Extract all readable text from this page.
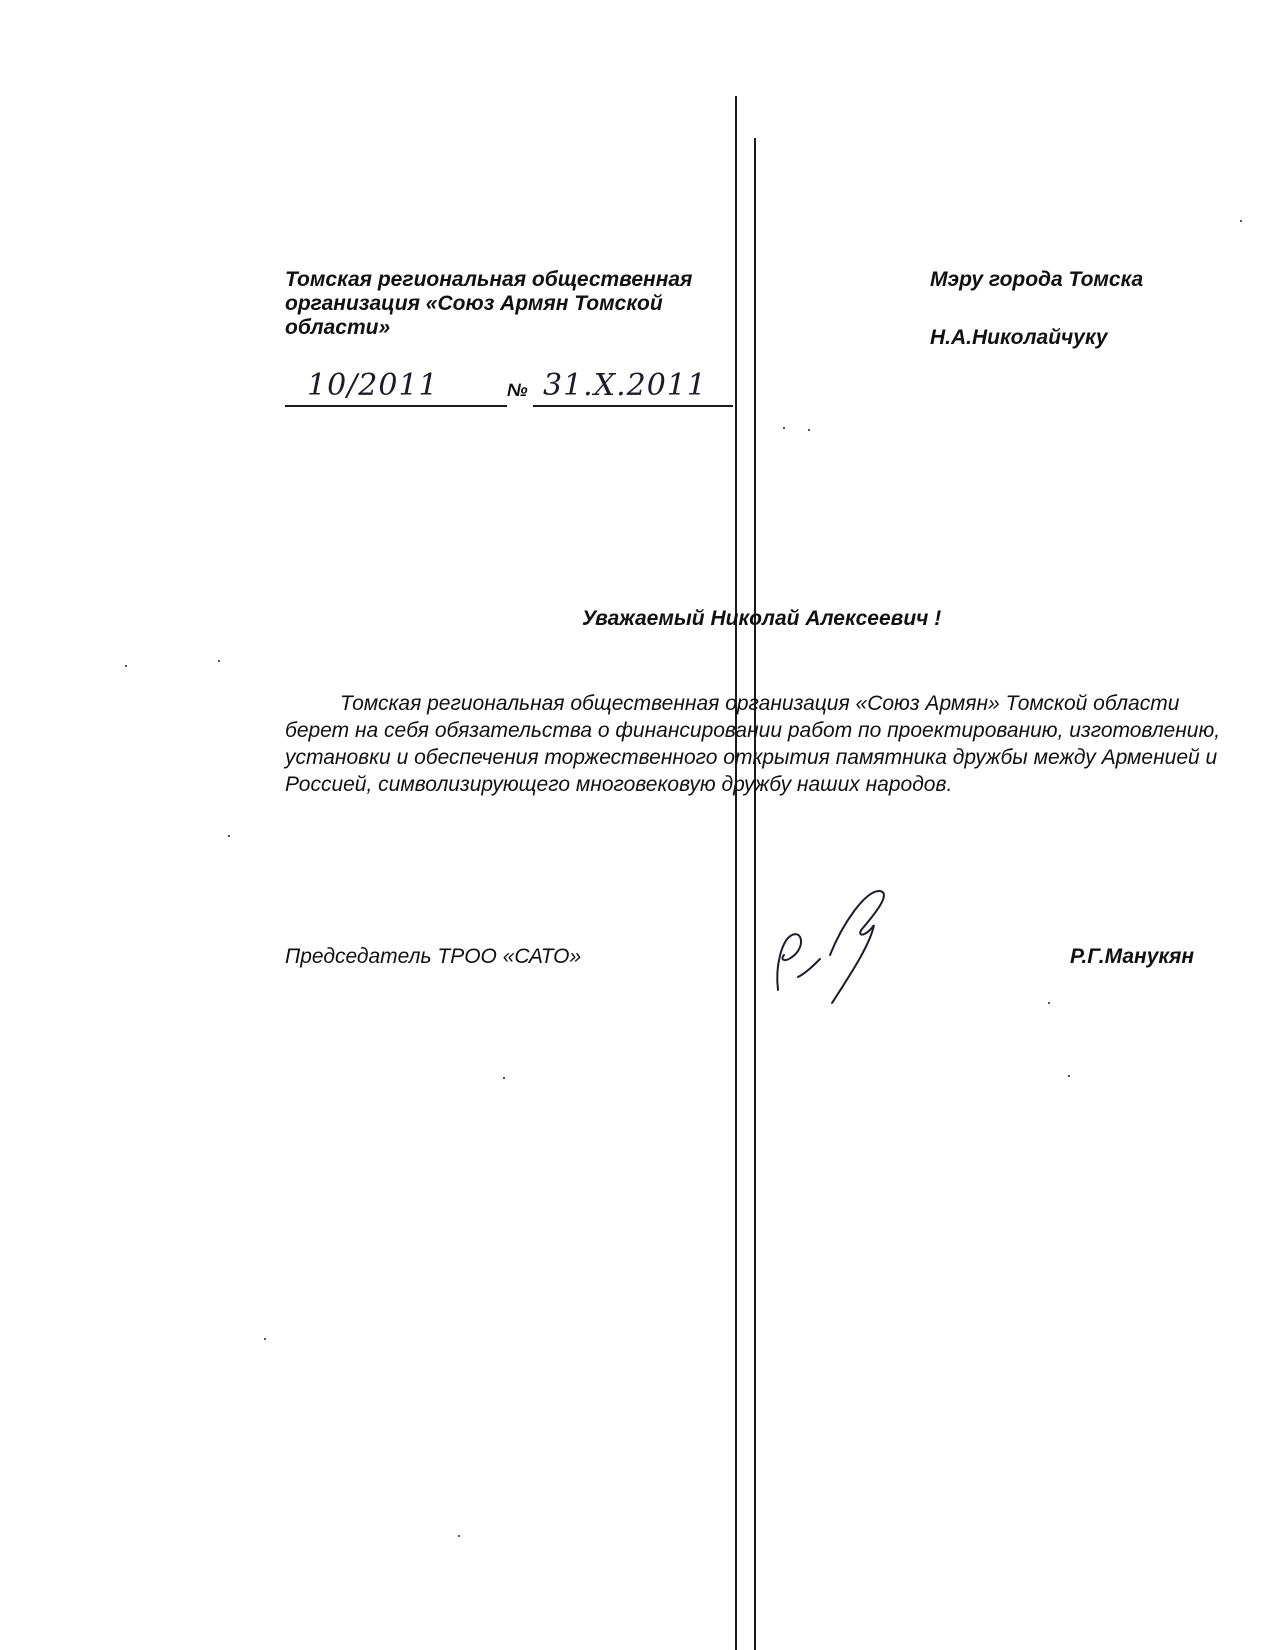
Томская региональная общественная
организация «Союз Армян Томской
области»
Мэру города Томска
Н.А.Николайчуку
10/2011	№ 31.X.2011
Уважаемый Николай Алексеевич !
Томская региональная общественная организация «Союз Армян» Томской области берет на себя обязательства о финансировании работ по проектированию, изготовлению, установки и обеспечения торжественного открытия памятника дружбы между Арменией и Россией, символизирующего многовековую дружбу наших народов.
Председатель ТРОО «САТО»	Р.Г.Манукян
